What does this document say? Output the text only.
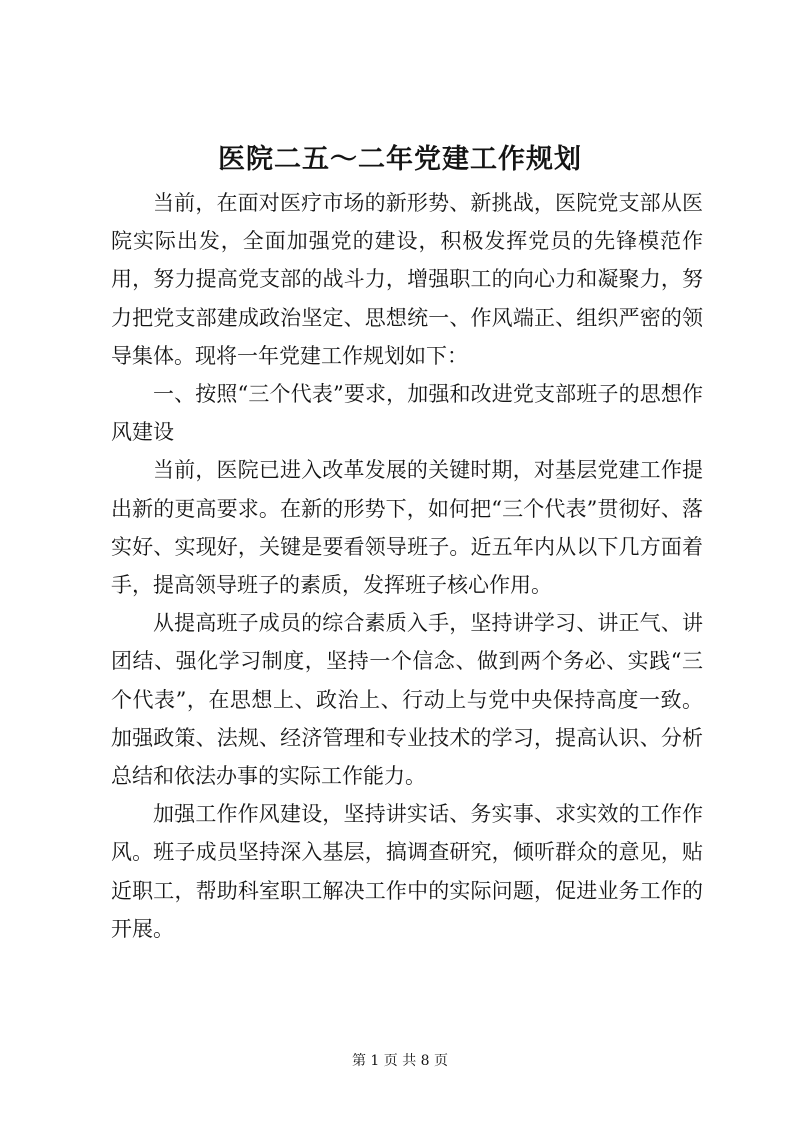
医院二五～二年党建工作规划

当前，在面对医疗市场的新形势、新挑战，医院党支部从医院实际出发，全面加强党的建设，积极发挥党员的先锋模范作用，努力提高党支部的战斗力，增强职工的向心力和凝聚力，努力把党支部建成政治坚定、思想统一、作风端正、组织严密的领导集体。现将一年党建工作规划如下：

一、按照“三个代表”要求，加强和改进党支部班子的思想作风建设

当前，医院已进入改革发展的关键时期，对基层党建工作提出新的更高要求。在新的形势下，如何把“三个代表”贯彻好、落实好、实现好，关键是要看领导班子。近五年内从以下几方面着手，提高领导班子的素质，发挥班子核心作用。

从提高班子成员的综合素质入手，坚持讲学习、讲正气、讲团结、强化学习制度，坚持一个信念、做到两个务必、实践“三个代表”，在思想上、政治上、行动上与党中央保持高度一致。加强政策、法规、经济管理和专业技术的学习，提高认识、分析总结和依法办事的实际工作能力。

加强工作作风建设，坚持讲实话、务实事、求实效的工作作风。班子成员坚持深入基层，搞调查研究，倾听群众的意见，贴近职工，帮助科室职工解决工作中的实际问题，促进业务工作的开展。

第 1 页 共 8 页
